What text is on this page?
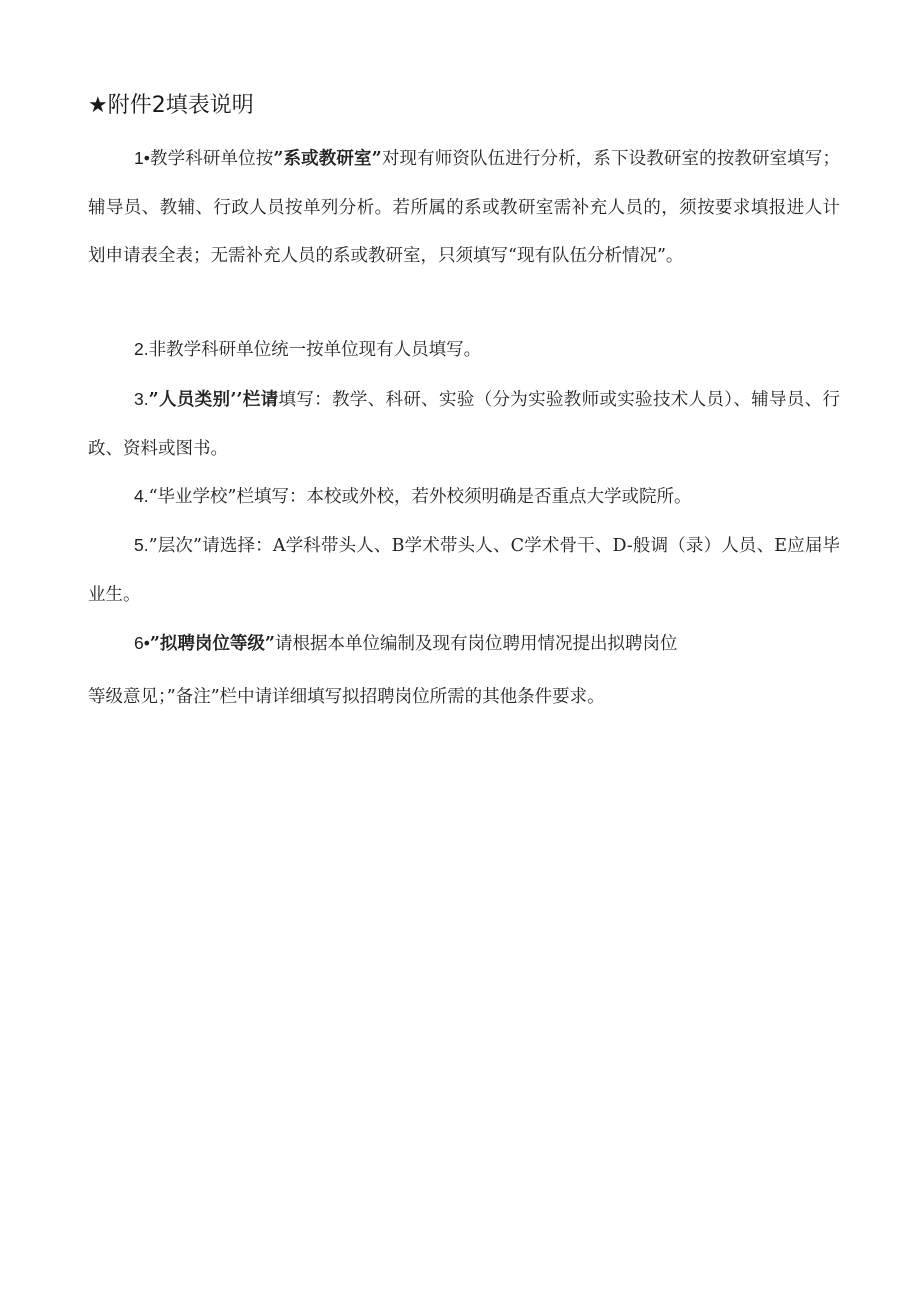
★附件2填表说明

1•教学科研单位按”系或教研室”对现有师资队伍进行分析，系下设教研室的按教研室填写；辅导员、教辅、行政人员按单列分析。若所属的系或教研室需补充人员的，须按要求填报进人计划申请表全表；无需补充人员的系或教研室，只须填写“现有队伍分析情况”。

2.非教学科研单位统一按单位现有人员填写。

3.”人员类别’’栏请填写：教学、科研、实验（分为实验教师或实验技术人员）、辅导员、行政、资料或图书。

4.“毕业学校”栏填写：本校或外校，若外校须明确是否重点大学或院所。

5.”层次”请选择：A学科带头人、B学术带头人、C学术骨干、D-般调（录）人员、E应届毕业生。

6•”拟聘岗位等级”请根据本单位编制及现有岗位聘用情况提出拟聘岗位

等级意见；”备注”栏中请详细填写拟招聘岗位所需的其他条件要求。
